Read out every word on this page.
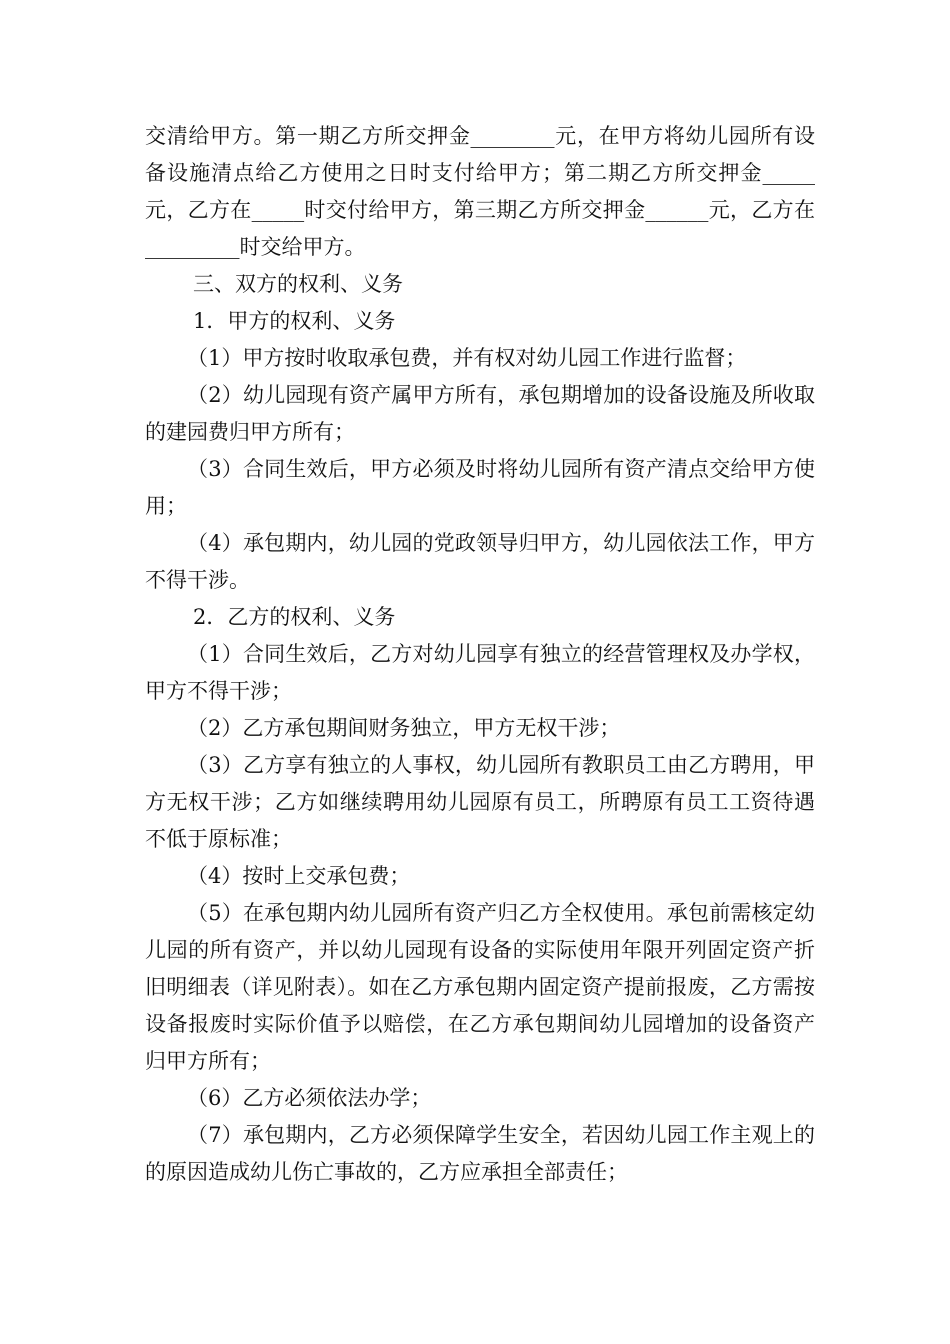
交清给甲方。第一期乙方所交押金________元，在甲方将幼儿园所有设备设施清点给乙方使用之日时支付给甲方；第二期乙方所交押金_____元，乙方在_____时交付给甲方，第三期乙方所交押金______元，乙方在 _________时交给甲方。

三、双方的权利、义务

1．甲方的权利、义务

（1）甲方按时收取承包费，并有权对幼儿园工作进行监督；

（2）幼儿园现有资产属甲方所有，承包期增加的设备设施及所收取的建园费归甲方所有；

（3）合同生效后，甲方必须及时将幼儿园所有资产清点交给甲方使用；

（4）承包期内，幼儿园的党政领导归甲方，幼儿园依法工作，甲方不得干涉。

2．乙方的权利、义务

（1）合同生效后，乙方对幼儿园享有独立的经营管理权及办学权，甲方不得干涉；

（2）乙方承包期间财务独立，甲方无权干涉；

（3）乙方享有独立的人事权，幼儿园所有教职员工由乙方聘用，甲方无权干涉；乙方如继续聘用幼儿园原有员工，所聘原有员工工资待遇不低于原标准；

（4）按时上交承包费；

（5）在承包期内幼儿园所有资产归乙方全权使用。承包前需核定幼儿园的所有资产，并以幼儿园现有设备的实际使用年限开列固定资产折旧明细表（详见附表）。如在乙方承包期内固定资产提前报废，乙方需按设备报废时实际价值予以赔偿，在乙方承包期间幼儿园增加的设备资产归甲方所有；

（6）乙方必须依法办学；

（7）承包期内，乙方必须保障学生安全，若因幼儿园工作主观上的的原因造成幼儿伤亡事故的，乙方应承担全部责任；
